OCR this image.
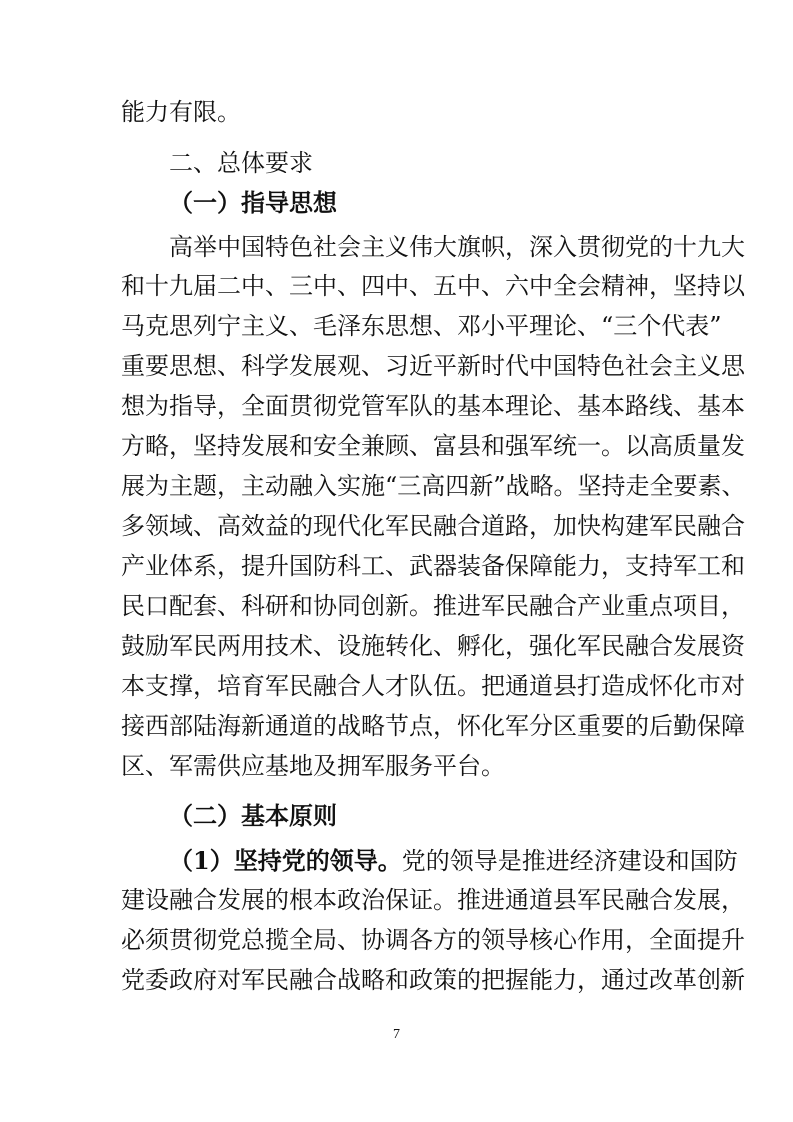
能力有限。
二、总体要求
（一）指导思想
高举中国特色社会主义伟大旗帜，深入贯彻党的十九大
和十九届二中、三中、四中、五中、六中全会精神，坚持以
马克思列宁主义、毛泽东思想、邓小平理论、“三个代表”
重要思想、科学发展观、习近平新时代中国特色社会主义思
想为指导，全面贯彻党管军队的基本理论、基本路线、基本
方略，坚持发展和安全兼顾、富县和强军统一。以高质量发
展为主题，主动融入实施“三高四新”战略。坚持走全要素、
多领域、高效益的现代化军民融合道路，加快构建军民融合
产业体系，提升国防科工、武器装备保障能力，支持军工和
民口配套、科研和协同创新。推进军民融合产业重点项目，
鼓励军民两用技术、设施转化、孵化，强化军民融合发展资
本支撑，培育军民融合人才队伍。把通道县打造成怀化市对
接西部陆海新通道的战略节点，怀化军分区重要的后勤保障
区、军需供应基地及拥军服务平台。
（二）基本原则
（1）坚持党的领导。党的领导是推进经济建设和国防
建设融合发展的根本政治保证。推进通道县军民融合发展，
必须贯彻党总揽全局、协调各方的领导核心作用，全面提升
党委政府对军民融合战略和政策的把握能力，通过改革创新
7
